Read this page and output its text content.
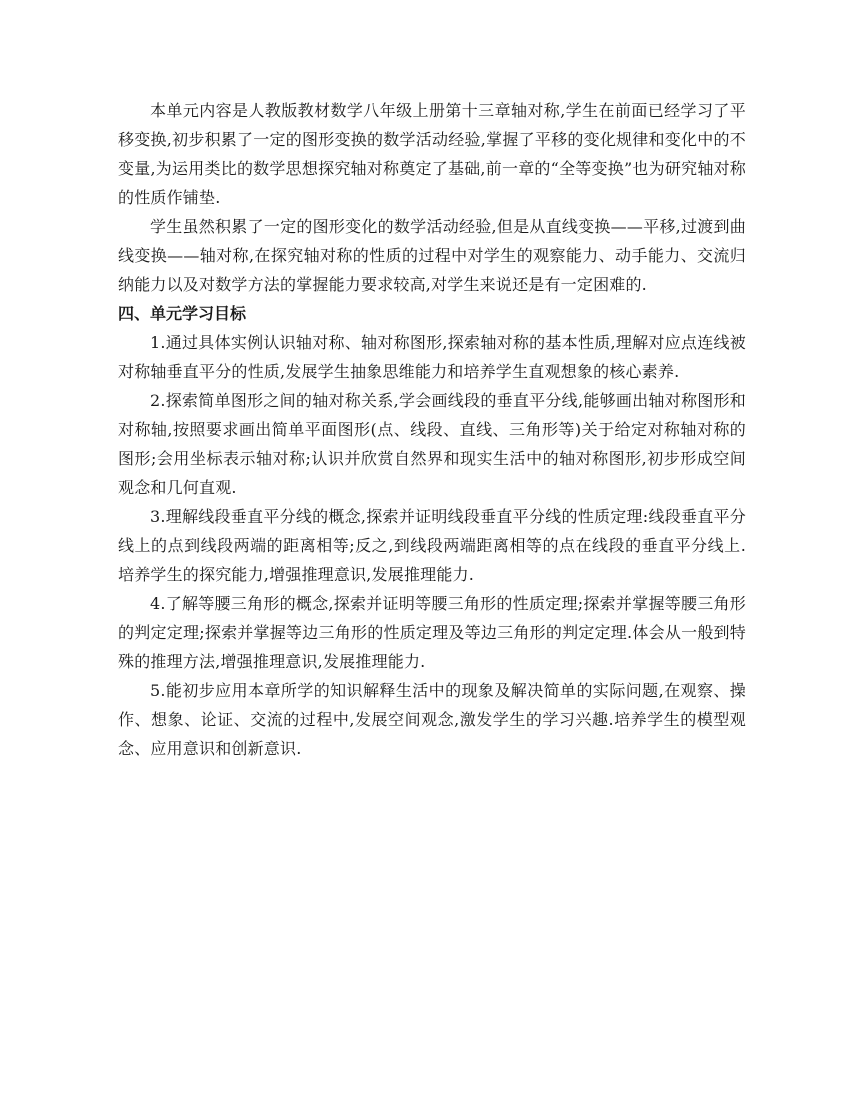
本单元内容是人教版教材数学八年级上册第十三章轴对称,学生在前面已经学习了平移变换,初步积累了一定的图形变换的数学活动经验,掌握了平移的变化规律和变化中的不变量,为运用类比的数学思想探究轴对称奠定了基础,前一章的“全等变换”也为研究轴对称的性质作铺垫.

学生虽然积累了一定的图形变化的数学活动经验,但是从直线变换——平移,过渡到曲线变换——轴对称,在探究轴对称的性质的过程中对学生的观察能力、动手能力、交流归纳能力以及对数学方法的掌握能力要求较高,对学生来说还是有一定困难的.

四、单元学习目标

1.通过具体实例认识轴对称、轴对称图形,探索轴对称的基本性质,理解对应点连线被对称轴垂直平分的性质,发展学生抽象思维能力和培养学生直观想象的核心素养.

2.探索简单图形之间的轴对称关系,学会画线段的垂直平分线,能够画出轴对称图形和对称轴,按照要求画出简单平面图形(点、线段、直线、三角形等)关于给定对称轴对称的图形;会用坐标表示轴对称;认识并欣赏自然界和现实生活中的轴对称图形,初步形成空间观念和几何直观.

3.理解线段垂直平分线的概念,探索并证明线段垂直平分线的性质定理:线段垂直平分线上的点到线段两端的距离相等;反之,到线段两端距离相等的点在线段的垂直平分线上.培养学生的探究能力,增强推理意识,发展推理能力.

4.了解等腰三角形的概念,探索并证明等腰三角形的性质定理;探索并掌握等腰三角形的判定定理;探索并掌握等边三角形的性质定理及等边三角形的判定定理.体会从一般到特殊的推理方法,增强推理意识,发展推理能力.

5.能初步应用本章所学的知识解释生活中的现象及解决简单的实际问题,在观察、操作、想象、论证、交流的过程中,发展空间观念,激发学生的学习兴趣.培养学生的模型观念、应用意识和创新意识.
